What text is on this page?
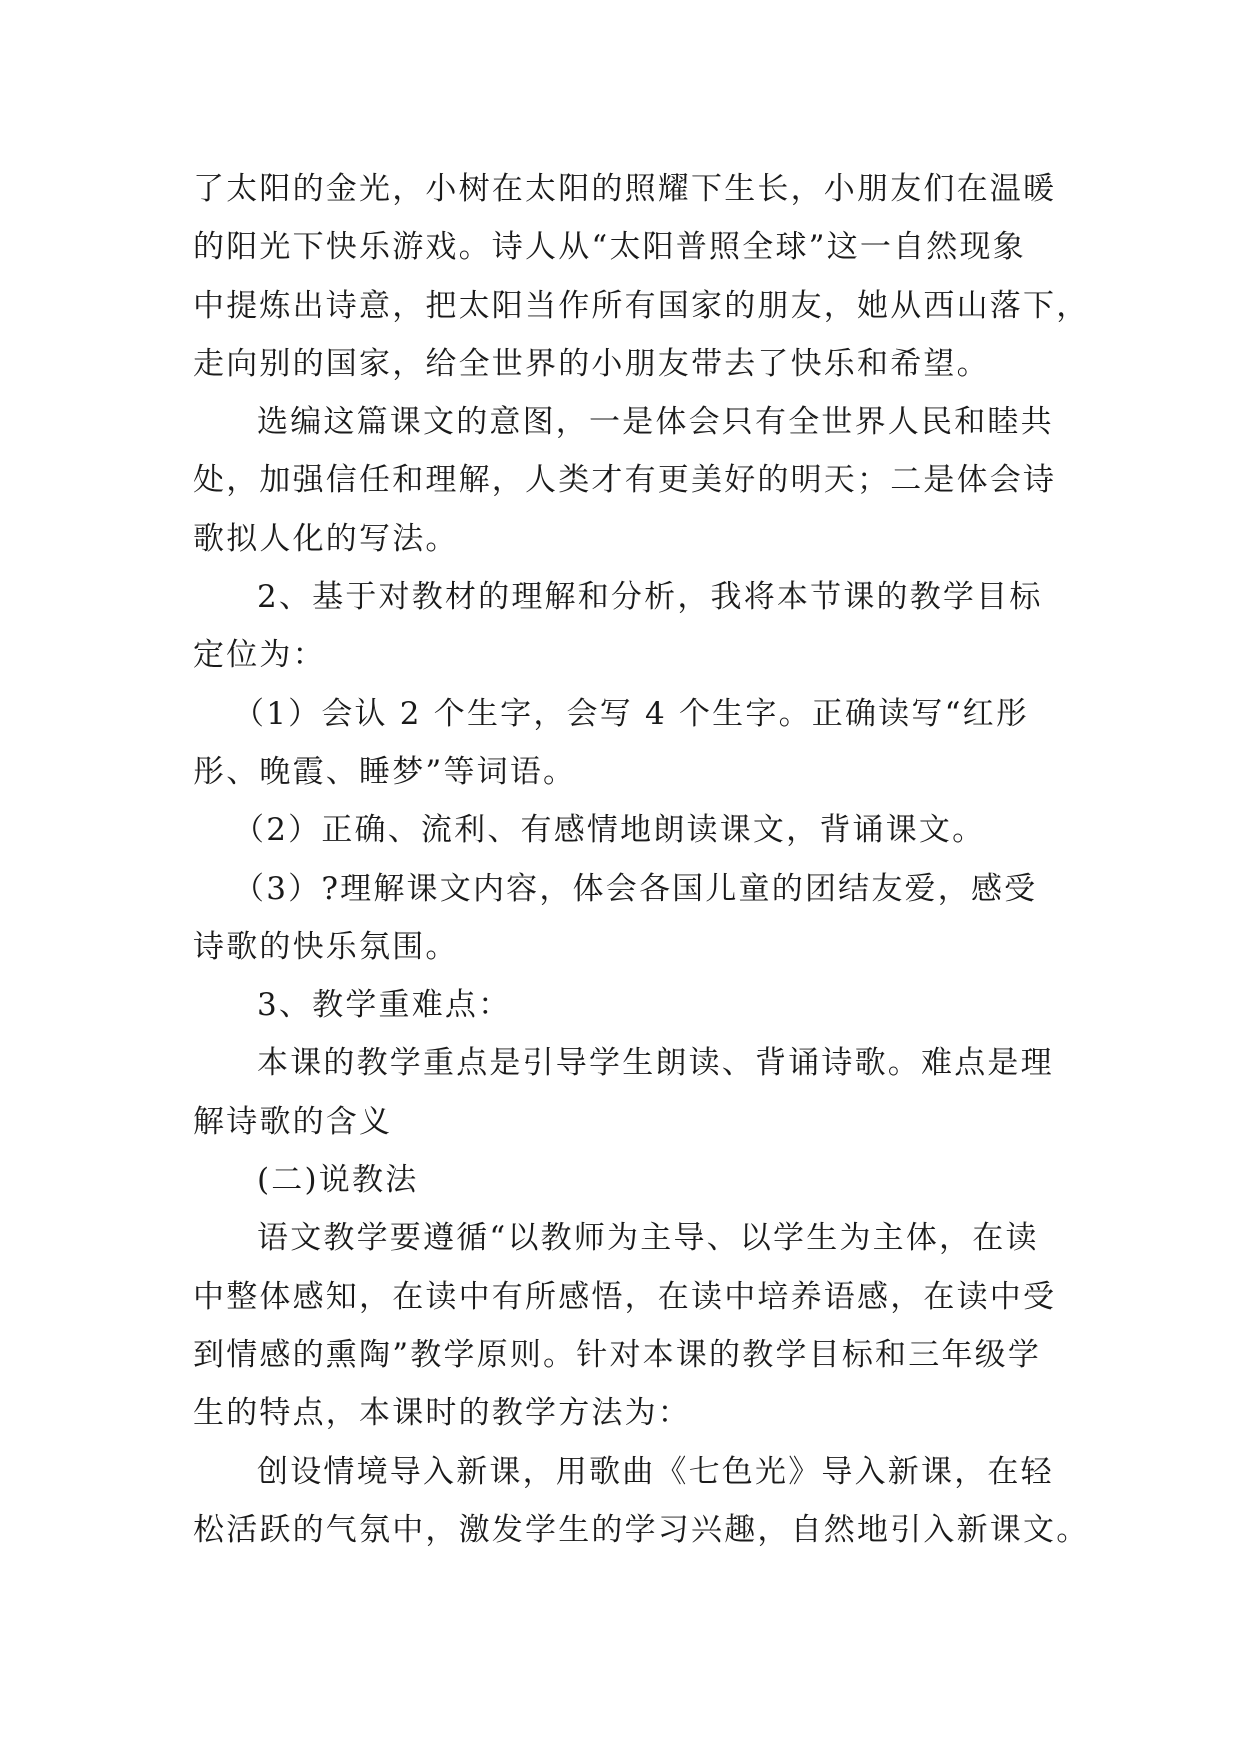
了太阳的金光，小树在太阳的照耀下生长，小朋友们在温暖
的阳光下快乐游戏。诗人从“太阳普照全球”这一自然现象
中提炼出诗意，把太阳当作所有国家的朋友，她从西山落下，
走向别的国家，给全世界的小朋友带去了快乐和希望。
选编这篇课文的意图，一是体会只有全世界人民和睦共
处，加强信任和理解，人类才有更美好的明天；二是体会诗
歌拟人化的写法。
2、基于对教材的理解和分析，我将本节课的教学目标
定位为：
（1）会认 2 个生字，会写 4 个生字。正确读写“红彤
彤、晚霞、睡梦”等词语。
（2）正确、流利、有感情地朗读课文，背诵课文。
（3）?理解课文内容，体会各国儿童的团结友爱，感受
诗歌的快乐氛围。
3、教学重难点：
本课的教学重点是引导学生朗读、背诵诗歌。难点是理
解诗歌的含义
(二)说教法
语文教学要遵循“以教师为主导、以学生为主体，在读
中整体感知，在读中有所感悟，在读中培养语感，在读中受
到情感的熏陶”教学原则。针对本课的教学目标和三年级学
生的特点，本课时的教学方法为：
创设情境导入新课，用歌曲《七色光》导入新课，在轻
松活跃的气氛中，激发学生的学习兴趣，自然地引入新课文。
